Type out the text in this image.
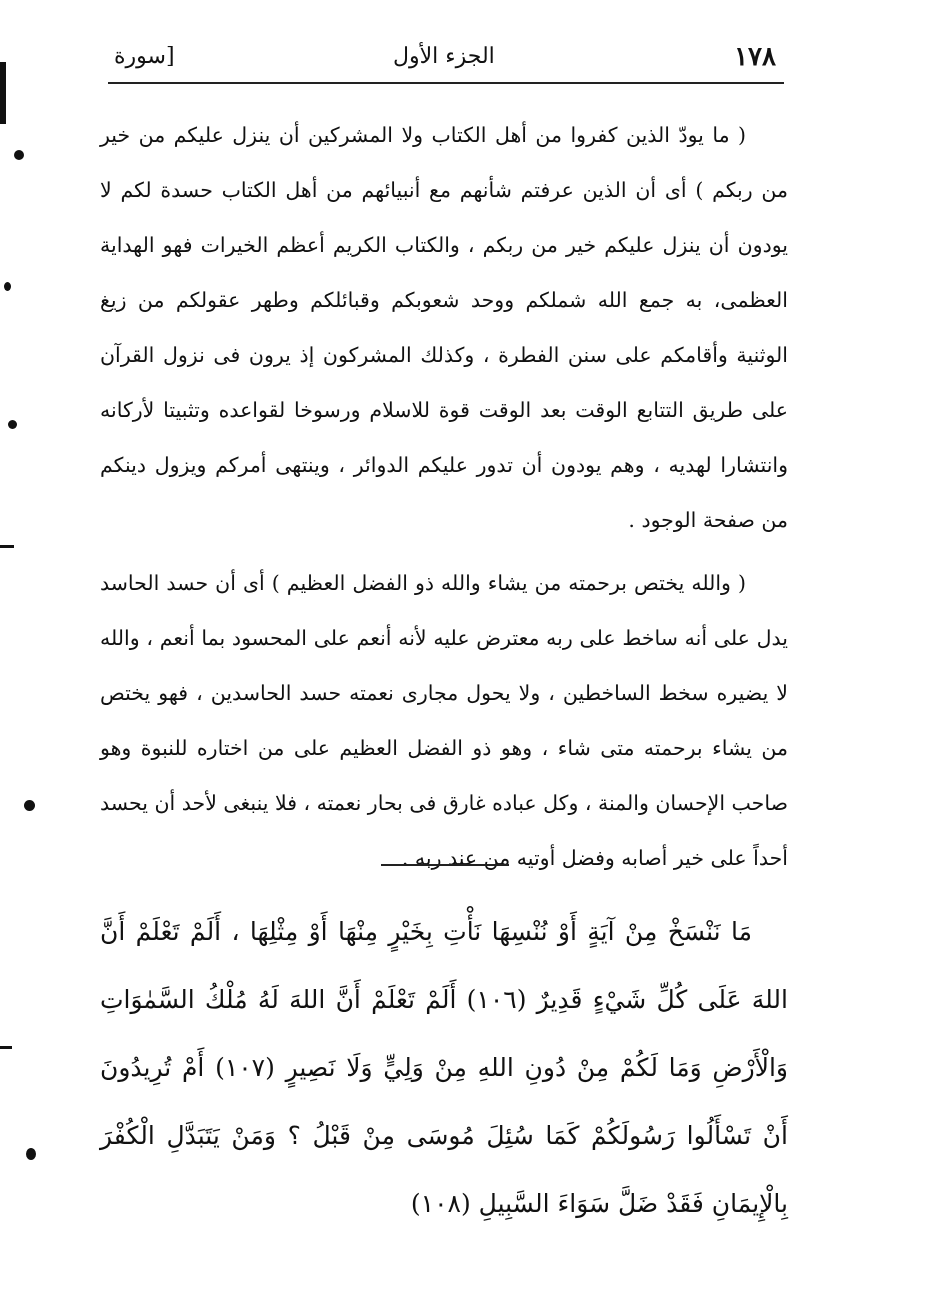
[سورة	الجزء الأول	١٧٨

( ما يودّ الذين كفروا من أهل الكتاب ولا المشركين أن ينزل عليكم من خير من ربكم ) أى أن الذين عرفتم شأنهم مع أنبيائهم من أهل الكتاب حسدة لكم لا يودون أن ينزل عليكم خير من ربكم ، والكتاب الكريم أعظم الخيرات فهو الهداية العظمى، به جمع الله شملكم ووحد شعوبكم وقبائلكم وطهر عقولكم من زيغ الوثنية وأقامكم على سنن الفطرة ، وكذلك المشركون إذ يرون فى نزول القرآن على طريق التتابع الوقت بعد الوقت قوة للاسلام ورسوخا لقواعده وتثبيتا لأركانه وانتشارا لهديه ، وهم يودون أن تدور عليكم الدوائر ، وينتهى أمركم ويزول دينكم من صفحة الوجود .

( والله يختص برحمته من يشاء والله ذو الفضل العظيم ) أى أن حسد الحاسد يدل على أنه ساخط على ربه معترض عليه لأنه أنعم على المحسود بما أنعم ، والله لا يضيره سخط الساخطين ، ولا يحول مجارى نعمته حسد الحاسدين ، فهو يختص من يشاء برحمته متى شاء ، وهو ذو الفضل العظيم على من اختاره للنبوة وهو صاحب الإحسان والمنة ، وكل عباده غارق فى بحار نعمته ، فلا ينبغى لأحد أن يحسد أحداً على خير أصابه وفضل أوتيه من عند ربه .

مَا نَنْسَخْ مِنْ آيَةٍ أَوْ نُنْسِهَا نَأْتِ بِخَيْرٍ مِنْهَا أَوْ مِثْلِهَا ، أَلَمْ تَعْلَمْ أَنَّ اللهَ عَلَى كُلِّ شَيْءٍ قَدِيرٌ (١٠٦) أَلَمْ تَعْلَمْ أَنَّ اللهَ لَهُ مُلْكُ السَّمٰوَاتِ وَالْأَرْضِ وَمَا لَكُمْ مِنْ دُونِ اللهِ مِنْ وَلِيٍّ وَلَا نَصِيرٍ (١٠٧) أَمْ تُرِيدُونَ أَنْ تَسْأَلُوا رَسُولَكُمْ كَمَا سُئِلَ مُوسَى مِنْ قَبْلُ ؟ وَمَنْ يَتَبَدَّلِ الْكُفْرَ بِالْإِيمَانِ فَقَدْ ضَلَّ سَوَاءَ السَّبِيلِ (١٠٨)
